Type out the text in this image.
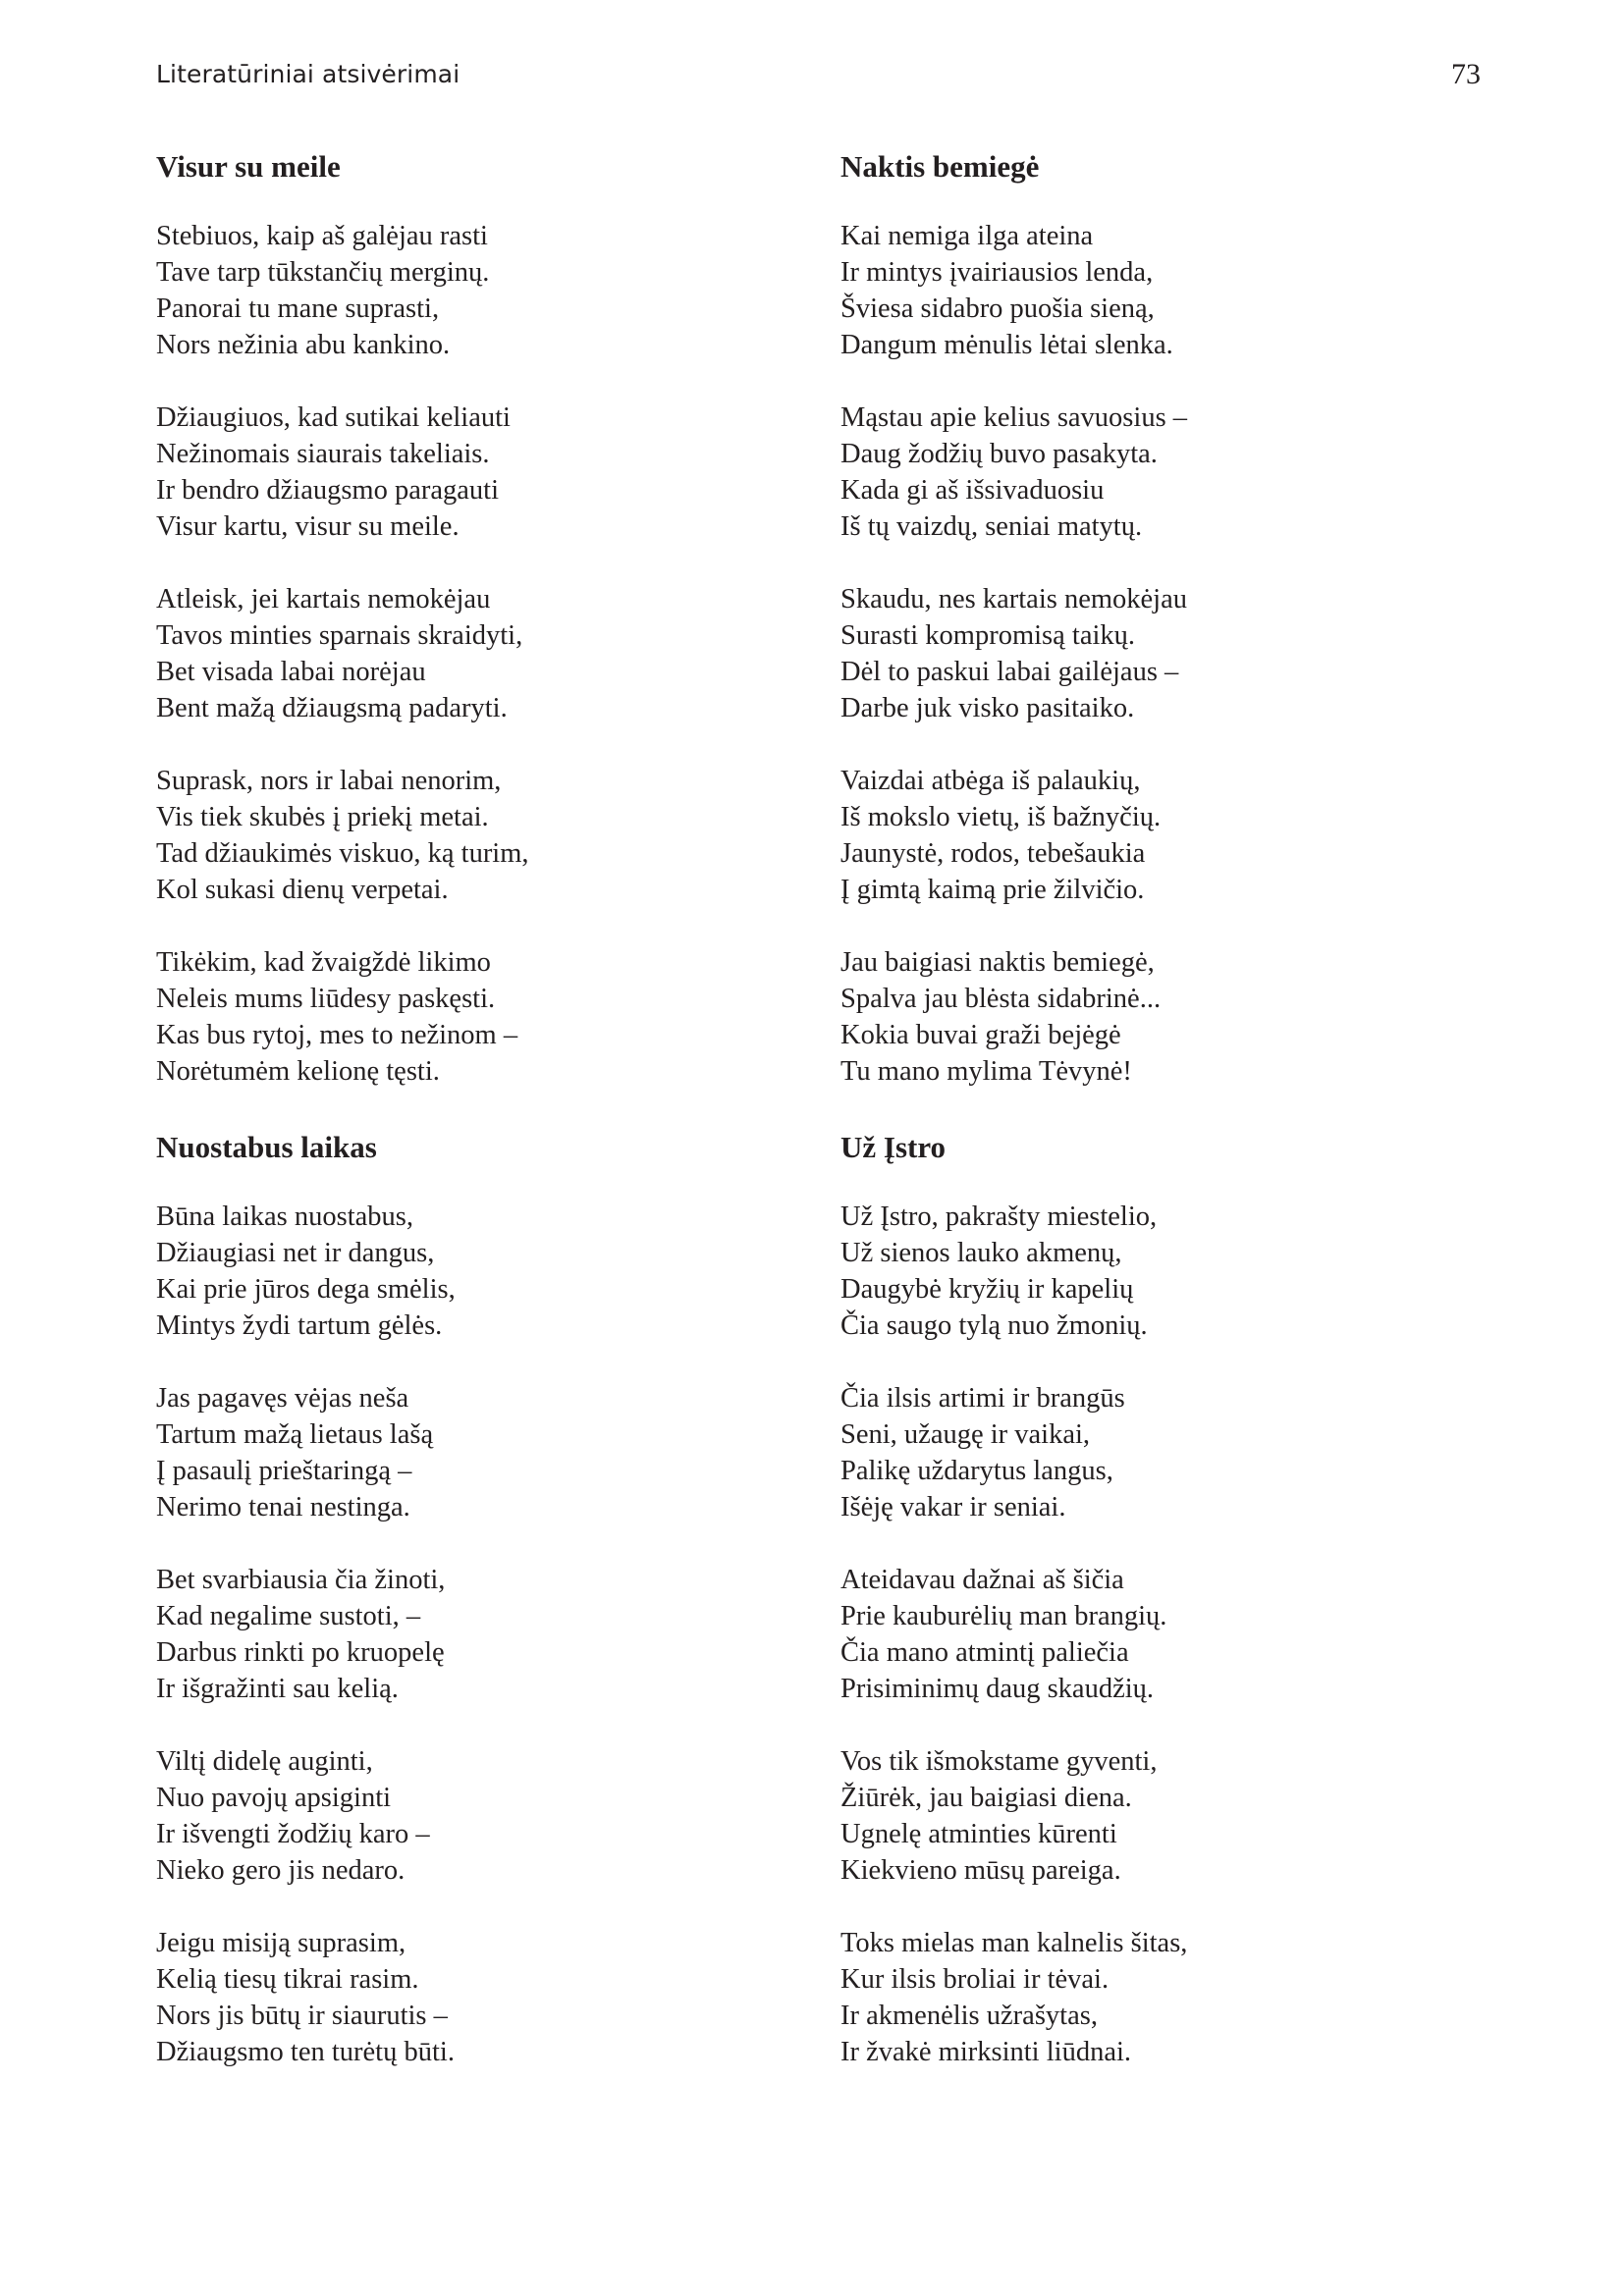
Literatūriniai atsivėrimai	73
Visur su meile
Stebiuos, kaip aš galėjau rasti
Tave tarp tūkstančių merginų.
Panorai tu mane suprasti,
Nors nežinia abu kankino.
Džiaugiuos, kad sutikai keliauti
Nežinomais siaurais takeliais.
Ir bendro džiaugsmo paragauti
Visur kartu, visur su meile.
Atleisk, jei kartais nemokėjau
Tavos minties sparnais skraidyti,
Bet visada labai norėjau
Bent mažą džiaugsmą padaryti.
Suprask, nors ir labai nenorim,
Vis tiek skubės į priekį metai.
Tad džiaukimės viskuo, ką turim,
Kol sukasi dienų verpetai.
Tikėkim, kad žvaigždė likimo
Neleis mums liūdesy paskęsti.
Kas bus rytoj, mes to nežinom –
Norėtumėm kelionę tęsti.
Nuostabus laikas
Būna laikas nuostabus,
Džiaugiasi net ir dangus,
Kai prie jūros dega smėlis,
Mintys žydi tartum gėlės.
Jas pagavęs vėjas neša
Tartum mažą lietaus lašą
Į pasaulį prieštaringą –
Nerimo tenai nestinga.
Bet svarbiausia čia žinoti,
Kad negalime sustoti, –
Darbus rinkti po kruopelę
Ir išgražinti sau kelią.
Viltį didelę auginti,
Nuo pavojų apsiginti
Ir išvengti žodžių karo –
Nieko gero jis nedaro.
Jeigu misiją suprasim,
Kelią tiesų tikrai rasim.
Nors jis būtų ir siaurutis –
Džiaugsmo ten turėtų būti.
Naktis bemiegė
Kai nemiga ilga ateina
Ir mintys įvairiausios lenda,
Šviesa sidabro puošia sieną,
Dangum mėnulis lėtai slenka.
Mąstau apie kelius savuosius –
Daug žodžių buvo pasakyta.
Kada gi aš išsivaduosiu
Iš tų vaizdų, seniai matytų.
Skaudu, nes kartais nemokėjau
Surasti kompromisą taikų.
Dėl to paskui labai gailėjaus –
Darbe juk visko pasitaiko.
Vaizdai atbėga iš palaukių,
Iš mokslo vietų, iš bažnyčių.
Jaunystė, rodos, tebešaukia
Į gimtą kaimą prie žilvičio.
Jau baigiasi naktis bemiegė,
Spalva jau blėsta sidabrinė...
Kokia buvai graži bejėgė
Tu mano mylima Tėvynė!
Už Įstro
Už Įstro, pakrašty miestelio,
Už sienos lauko akmenų,
Daugybė kryžių ir kapelių
Čia saugo tylą nuo žmonių.
Čia ilsis artimi ir brangūs
Seni, užaugę ir vaikai,
Palikę uždarytus langus,
Išėję vakar ir seniai.
Ateidavau dažnai aš šičia
Prie kauburėlių man brangių.
Čia mano atmintį paliečia
Prisiminimų daug skaudžių.
Vos tik išmokstame gyventi,
Žiūrėk, jau baigiasi diena.
Ugnelę atminties kūrenti
Kiekvieno mūsų pareiga.
Toks mielas man kalnelis šitas,
Kur ilsis broliai ir tėvai.
Ir akmenėlis užrašytas,
Ir žvakė mirksinti liūdnai.
